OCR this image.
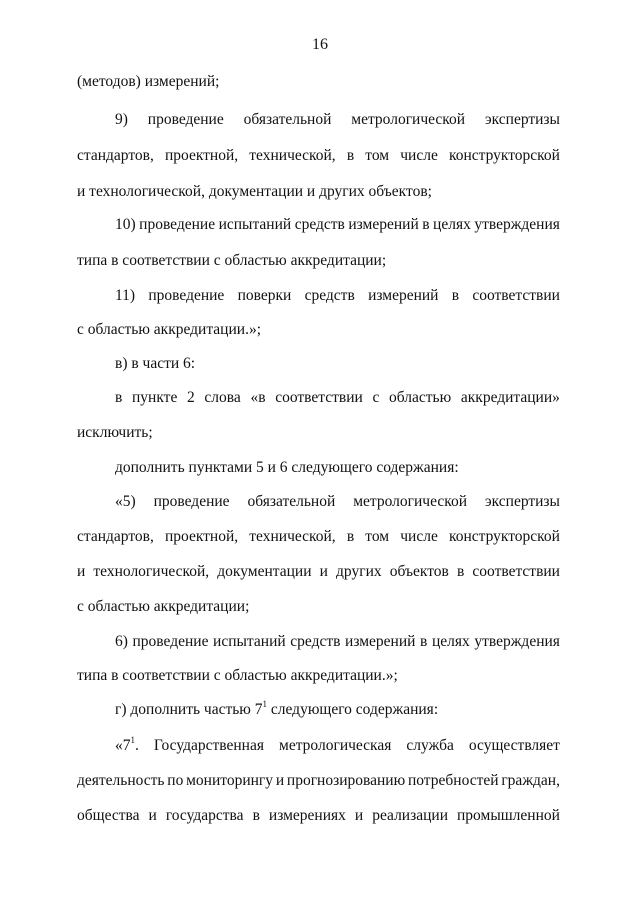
16
(методов) измерений;
9) проведение обязательной метрологической экспертизы
стандартов, проектной, технической, в том числе конструкторской
и технологической, документации и других объектов;
10) проведение испытаний средств измерений в целях утверждения
типа в соответствии с областью аккредитации;
11) проведение поверки средств измерений в соответствии
с областью аккредитации.»;
в) в части 6:
в пункте 2 слова «в соответствии с областью аккредитации»
исключить;
дополнить пунктами 5 и 6 следующего содержания:
«5) проведение обязательной метрологической экспертизы
стандартов, проектной, технической, в том числе конструкторской
и технологической, документации и других объектов в соответствии
с областью аккредитации;
6) проведение испытаний средств измерений в целях утверждения
типа в соответствии с областью аккредитации.»;
г) дополнить частью $7^1$ следующего содержания:
«$7^1$. Государственная метрологическая служба осуществляет
деятельность по мониторингу и прогнозированию потребностей граждан,
общества и государства в измерениях и реализации промышленной
